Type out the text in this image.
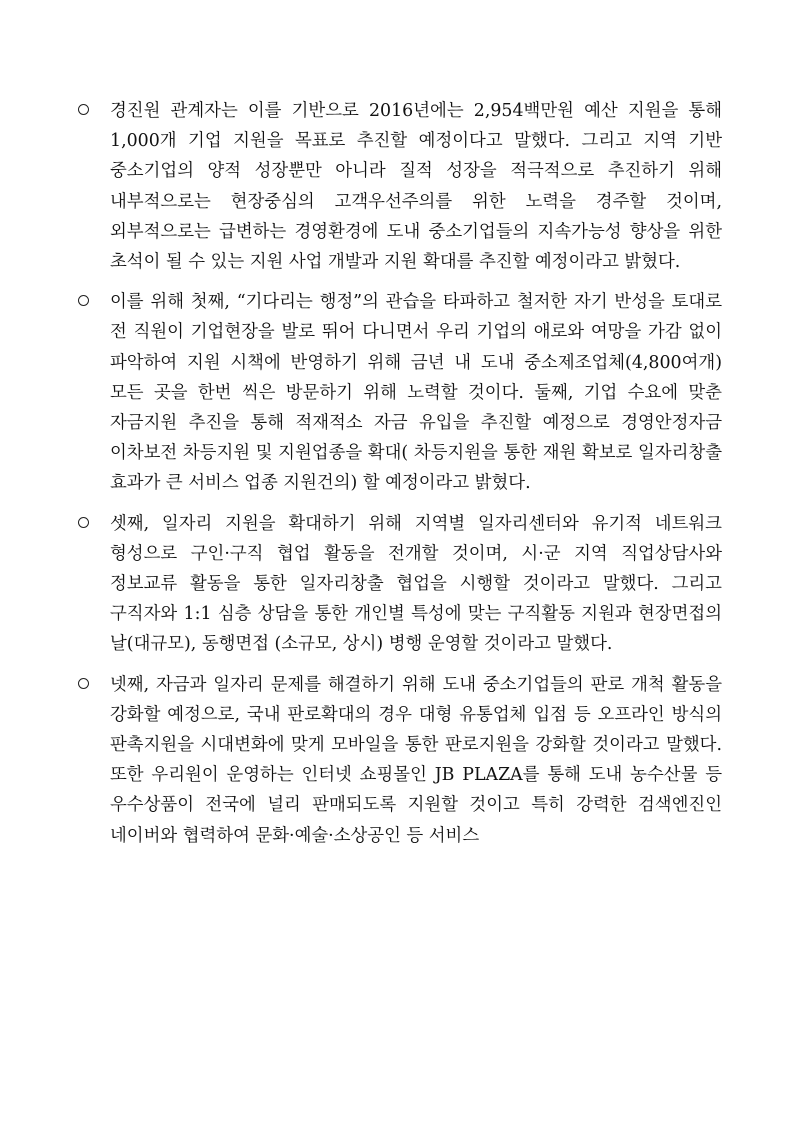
경진원 관계자는 이를 기반으로 2016년에는 2,954백만원 예산 지원을 통해 1,000개 기업 지원을 목표로 추진할 예정이다고 말했다. 그리고 지역 기반 중소기업의 양적 성장뿐만 아니라 질적 성장을 적극적으로 추진하기 위해 내부적으로는 현장중심의 고객우선주의를 위한 노력을 경주할 것이며, 외부적으로는 급변하는 경영환경에 도내 중소기업들의 지속가능성 향상을 위한 초석이 될 수 있는 지원 사업 개발과 지원 확대를 추진할 예정이라고 밝혔다.

이를 위해 첫째, “기다리는 행정”의 관습을 타파하고 철저한 자기 반성을 토대로 전 직원이 기업현장을 발로 뛰어 다니면서 우리 기업의 애로와 여망을 가감 없이 파악하여 지원 시책에 반영하기 위해 금년 내 도내 중소제조업체(4,800여개) 모든 곳을 한번 씩은 방문하기 위해 노력할 것이다. 둘째, 기업 수요에 맞춘 자금지원 추진을 통해 적재적소 자금 유입을 추진할 예정으로 경영안정자금 이차보전 차등지원 및 지원업종을 확대( 차등지원을 통한 재원 확보로 일자리창출 효과가 큰 서비스 업종 지원건의) 할 예정이라고 밝혔다.

셋째, 일자리 지원을 확대하기 위해 지역별 일자리센터와 유기적 네트워크 형성으로 구인·구직 협업 활동을 전개할 것이며, 시·군 지역 직업상담사와 정보교류 활동을 통한 일자리창출 협업을 시행할 것이라고 말했다. 그리고 구직자와 1:1 심층 상담을 통한 개인별 특성에 맞는 구직활동 지원과 현장면접의 날(대규모), 동행면접 (소규모, 상시) 병행 운영할 것이라고 말했다.

넷째, 자금과 일자리 문제를 해결하기 위해 도내 중소기업들의 판로 개척 활동을 강화할 예정으로, 국내 판로확대의 경우 대형 유통업체 입점 등 오프라인 방식의 판촉지원을 시대변화에 맞게 모바일을 통한 판로지원을 강화할 것이라고 말했다. 또한 우리원이 운영하는 인터넷 쇼핑몰인 JB PLAZA를 통해 도내 농수산물 등 우수상품이 전국에 널리 판매되도록 지원할 것이고 특히 강력한 검색엔진인 네이버와 협력하여 문화·예술·소상공인 등 서비스
